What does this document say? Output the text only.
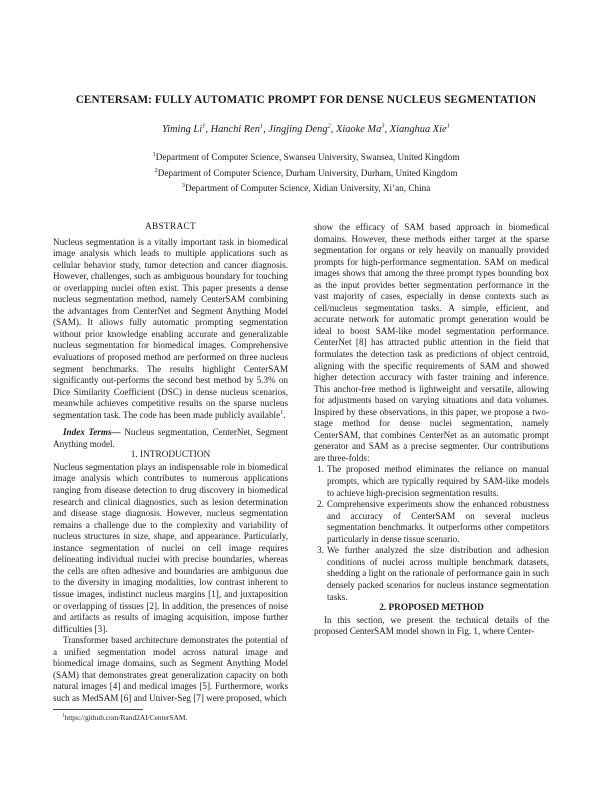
CENTERSAM: FULLY AUTOMATIC PROMPT FOR DENSE NUCLEUS SEGMENTATION
Yiming Li$^1$, Hanchi Ren$^1$, Jingjing Deng$^2$, Xiaoke Ma$^3$, Xianghua Xie$^1$
$^1$Department of Computer Science, Swansea University, Swansea, United Kingdom
$^2$Department of Computer Science, Durham University, Durham, United Kingdom
$^3$Department of Computer Science, Xidian University, Xi’an, China

ABSTRACT

Nucleus segmentation is a vitally important task in biomedical image analysis which leads to multiple applications such as cellular behavior study, tumor detection and cancer diagnosis. However, challenges, such as ambiguous boundary for touching or overlapping nuclei often exist. This paper presents a dense nucleus segmentation method, namely CenterSAM combining the advantages from CenterNet and Segment Anything Model (SAM). It allows fully automatic prompting segmentation without prior knowledge enabling accurate and generalizable nucleus segmentation for biomedical images. Comprehensive evaluations of proposed method are performed on three nucleus segment benchmarks. The results highlight CenterSAM significantly out-performs the second best method by 5.3% on Dice Similarity Coefficient (DSC) in dense nucleus scenarios, meanwhile achieves competitive results on the sparse nucleus segmentation task. The code has been made publicly available$^1$.

Index Terms— Nucleus segmentation, CenterNet, Segment Anything model.

1. INTRODUCTION

Nucleus segmentation plays an indispensable role in biomedical image analysis which contributes to numerous applications ranging from disease detection to drug discovery in biomedical research and clinical diagnostics, such as lesion determination and disease stage diagnosis. However, nucleus segmentation remains a challenge due to the complexity and variability of nucleus structures in size, shape, and appearance. Particularly, instance segmentation of nuclei on cell image requires delineating individual nuclei with precise boundaries, whereas the cells are often adhesive and boundaries are ambiguous due to the diversity in imaging modalities, low contrast inherent to tissue images, indistinct nucleus margins [1], and juxtaposition or overlapping of tissues [2]. In addition, the presences of noise and artifacts as results of imaging acquisition, impose further difficulties [3].

Transformer based architecture demonstrates the potential of a unified segmentation model across natural image and biomedical image domains, such as Segment Anything Model (SAM) that demonstrates great generalization capacity on both natural images [4] and medical images [5]. Furthermore, works such as MedSAM [6] and Univer-Seg [7] were proposed, which

show the efficacy of SAM based approach in biomedical domains. However, these methods either target at the sparse segmentation for organs or rely heavily on manually provided prompts for high-performance segmentation. SAM on medical images shows that among the three prompt types bounding box as the input provides better segmentation performance in the vast majority of cases, especially in dense contexts such as cell/nucleus segmentation tasks. A simple, efficient, and accurate network for automatic prompt generation would be ideal to boost SAM-like model segmentation performance. CenterNet [8] has attracted public attention in the field that formulates the detection task as predictions of object centroid, aligning with the specific requirements of SAM and showed higher detection accuracy with faster training and inference. This anchor-free method is lightweight and versatile, allowing for adjustments based on varying situations and data volumes. Inspired by these observations, in this paper, we propose a two-stage method for dense nuclei segmentation, namely CenterSAM, that combines CenterNet as an automatic prompt generator and SAM as a precise segmenter. Our contributions are three-folds:

1. The proposed method eliminates the reliance on manual prompts, which are typically required by SAM-like models to achieve high-precision segmentation results.
2. Comprehensive experiments show the enhanced robustness and accuracy of CenterSAM on several nucleus segmentation benchmarks. It outperforms other competitors particularly in dense tissue scenario.
3. We further analyzed the size distribution and adhesion conditions of nuclei across multiple benchmark datasets, shedding a light on the rationale of performance gain in such densely packed scenarios for nucleus instance segmentation tasks.

2. PROPOSED METHOD

In this section, we present the technical details of the proposed CenterSAM model shown in Fig. 1, where Center-

$^1$https://github.com/Rand2AI/CenterSAM.
